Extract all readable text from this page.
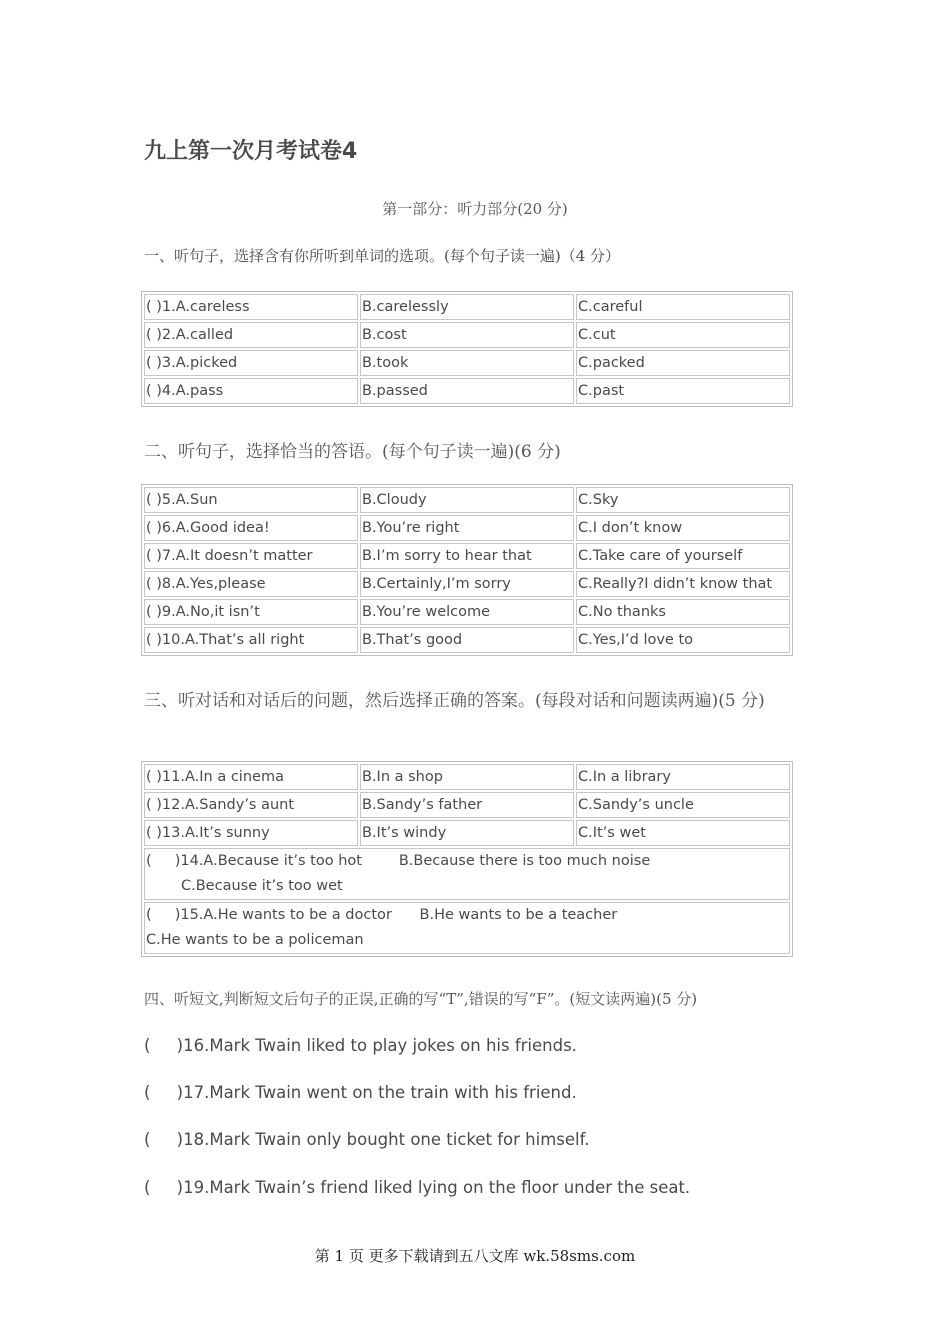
九上第一次月考试卷4
第一部分：听力部分(20 分)
一、听句子，选择含有你所听到单词的选项。(每个句子读一遍)（4 分）
( )1.A.careless	B.carelessly	C.careful
( )2.A.called	B.cost	C.cut
( )3.A.picked	B.took	C.packed
( )4.A.pass	B.passed	C.past
二、听句子，选择恰当的答语。(每个句子读一遍)(6 分)
( )5.A.Sun	B.Cloudy	C.Sky
( )6.A.Good idea!	B.You’re right	C.I don’t know
( )7.A.It doesn’t matter	B.I’m sorry to hear that	C.Take care of yourself
( )8.A.Yes,please	B.Certainly,I’m sorry	C.Really?I didn’t know that
( )9.A.No,it isn’t	B.You’re welcome	C.No thanks
( )10.A.That’s all right	B.That’s good	C.Yes,I’d love to
三、听对话和对话后的问题，然后选择正确的答案。(每段对话和问题读两遍)(5 分)
( )11.A.In a cinema	B.In a shop	C.In a library
( )12.A.Sandy’s aunt	B.Sandy’s father	C.Sandy’s uncle
( )13.A.It’s sunny	B.It’s windy	C.It’s wet

(     )14.A.Because it’s too hot        B.Because there is too much noise
C.Because it’s too wet		

(     )15.A.He wants to be a doctor      B.He wants to be a teacher
C.He wants to be a policeman		
四、听短文,判断短文后句子的正误,正确的写“T”,错误的写“F”。(短文读两遍)(5 分)
(     )16.Mark Twain liked to play jokes on his friends.
(     )17.Mark Twain went on the train with his friend.
(     )18.Mark Twain only bought one ticket for himself.
(     )19.Mark Twain’s friend liked lying on the floor under the seat.
第 1 页 更多下载请到五八文库 wk.58sms.com
